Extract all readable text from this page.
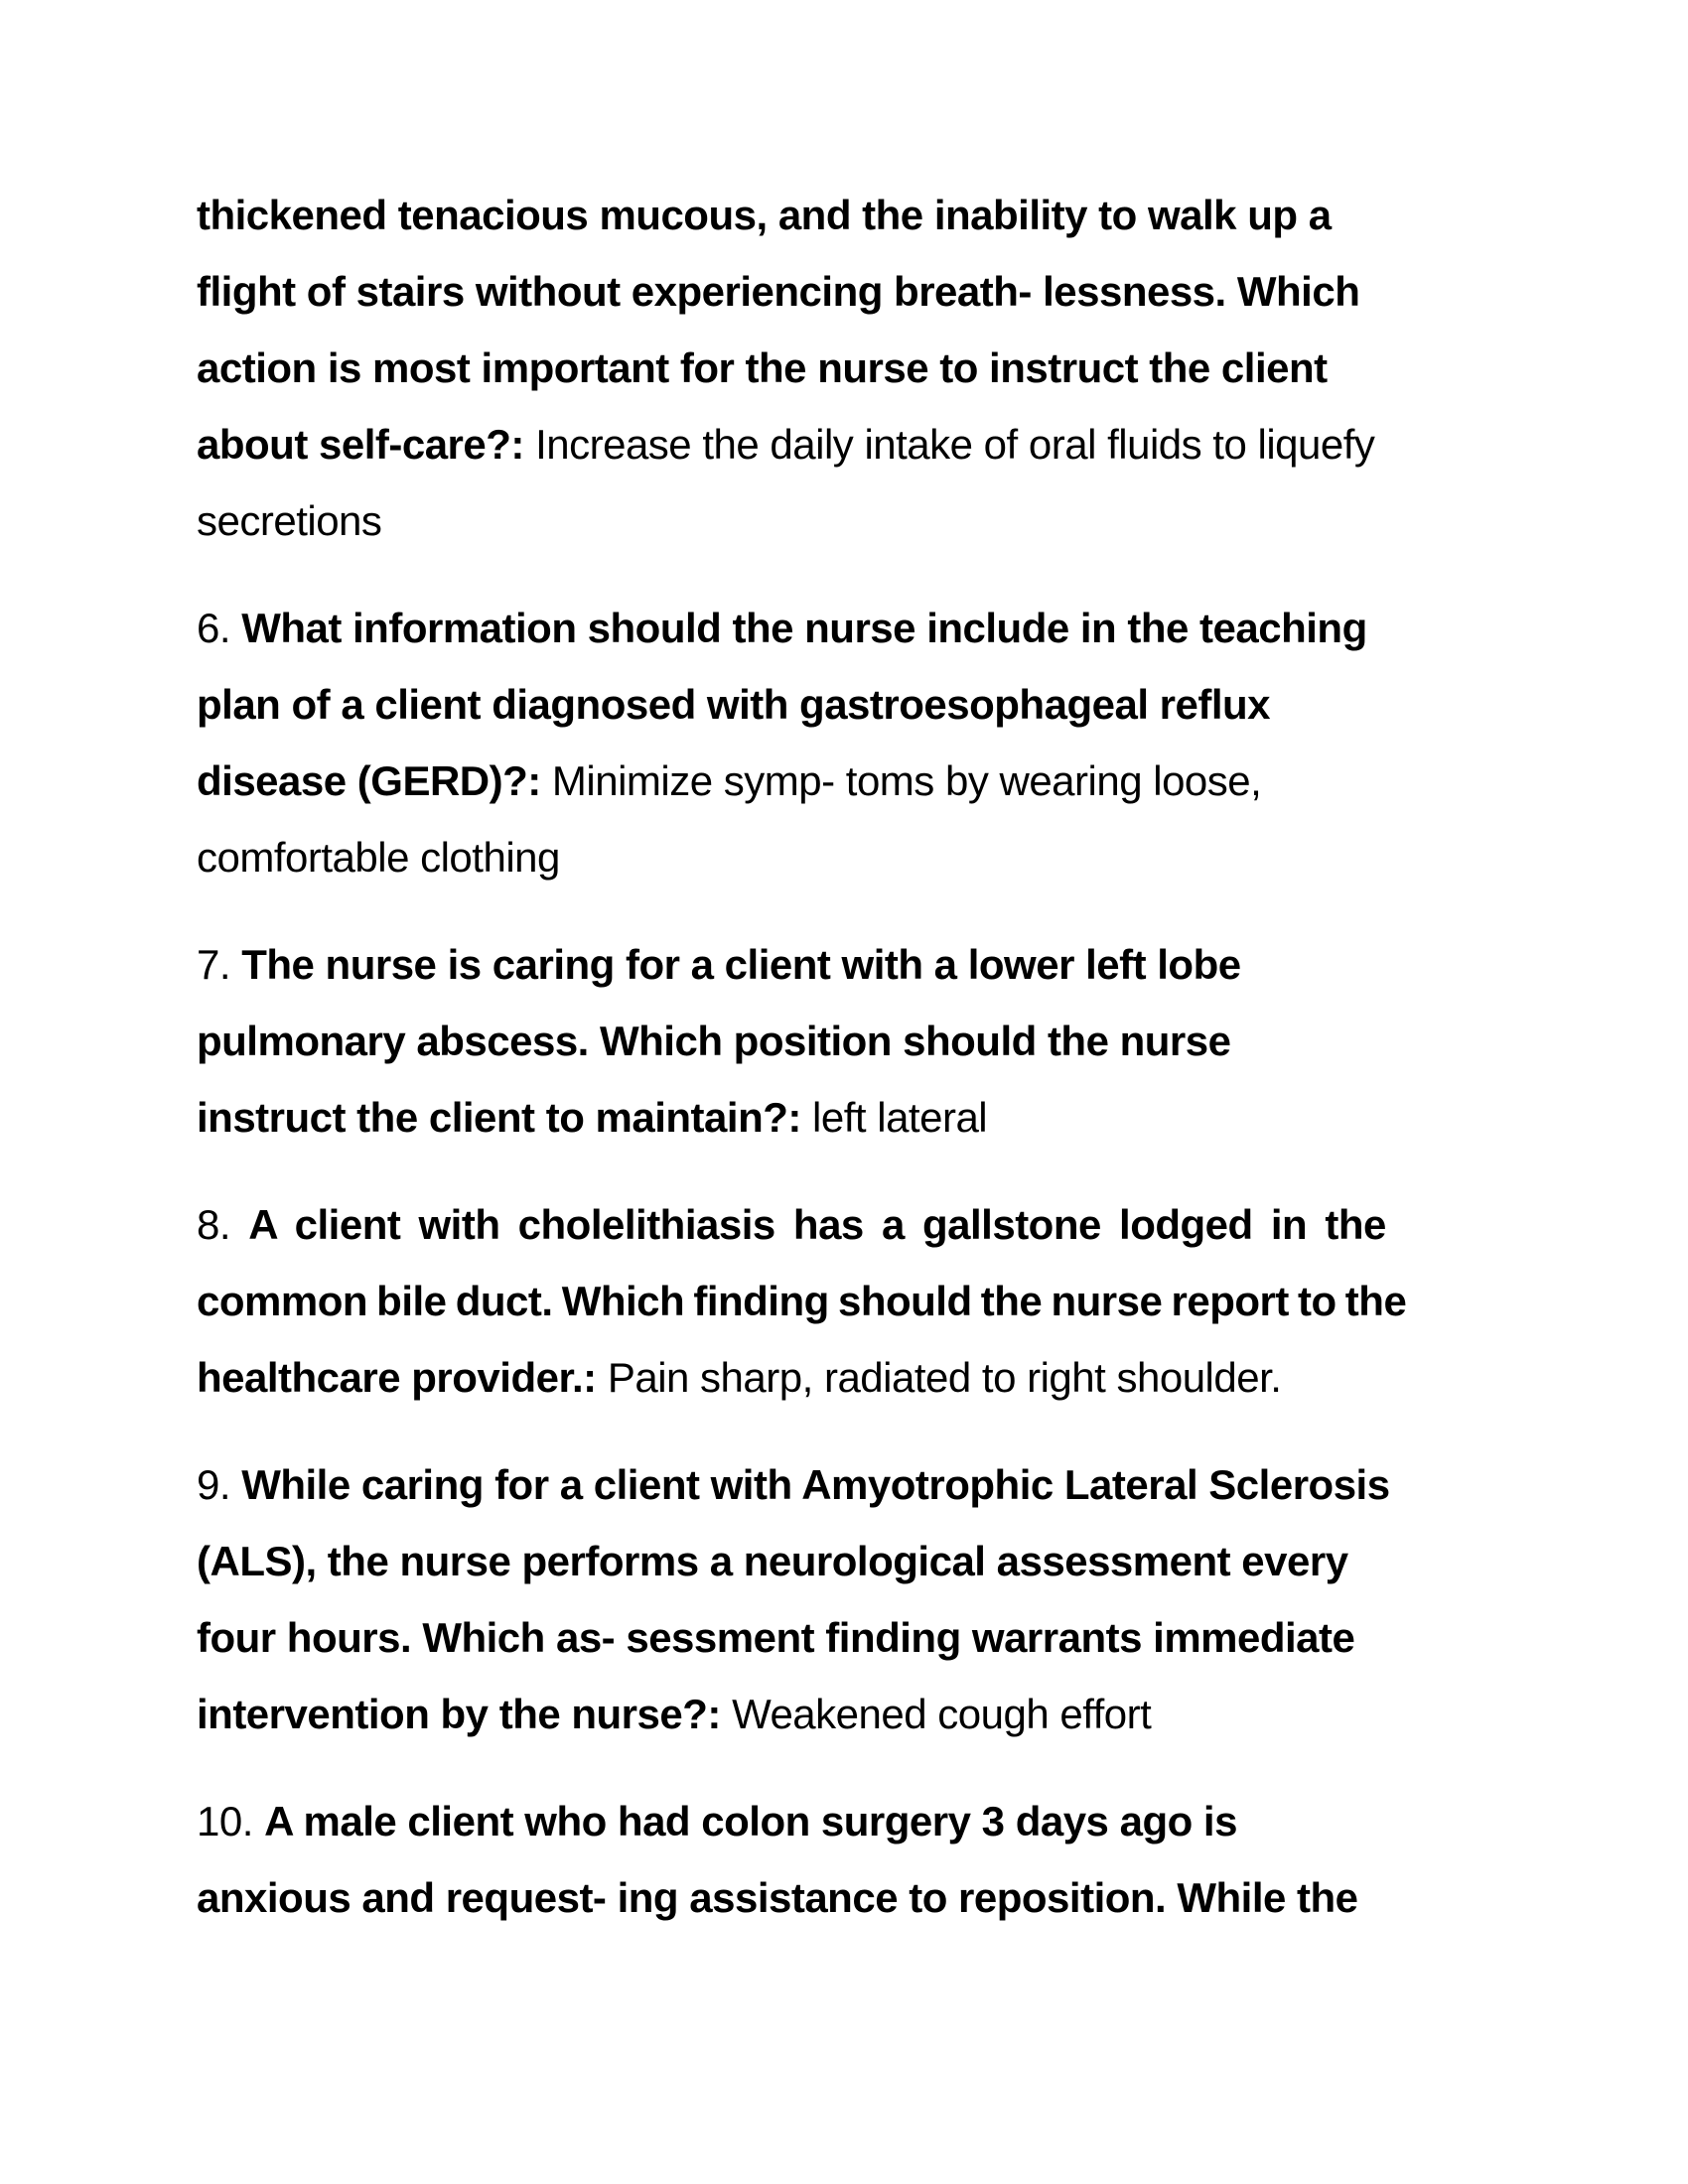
thickened tenacious mucous, and the inability to walk up a
flight of stairs without experiencing breath- lessness. Which
action is most important for the nurse to instruct the client
about self-care?: Increase the daily intake of oral fluids to liquefy
secretions
6. What information should the nurse include in the teaching
plan of a client diagnosed with gastroesophageal reflux
disease (GERD)?: Minimize symp- toms by wearing loose,
comfortable clothing
7. The nurse is caring for a client with a lower left lobe
pulmonary abscess. Which position should the nurse
instruct the client to maintain?: left lateral
8. A client with cholelithiasis has a gallstone lodged in the
common bile duct. Which finding should the nurse report to the
healthcare provider.: Pain sharp, radiated to right shoulder.
9. While caring for a client with Amyotrophic Lateral Sclerosis
(ALS), the nurse performs a neurological assessment every
four hours. Which as- sessment finding warrants immediate
intervention by the nurse?: Weakened cough effort
10. A male client who had colon surgery 3 days ago is
anxious and request- ing assistance to reposition. While the
